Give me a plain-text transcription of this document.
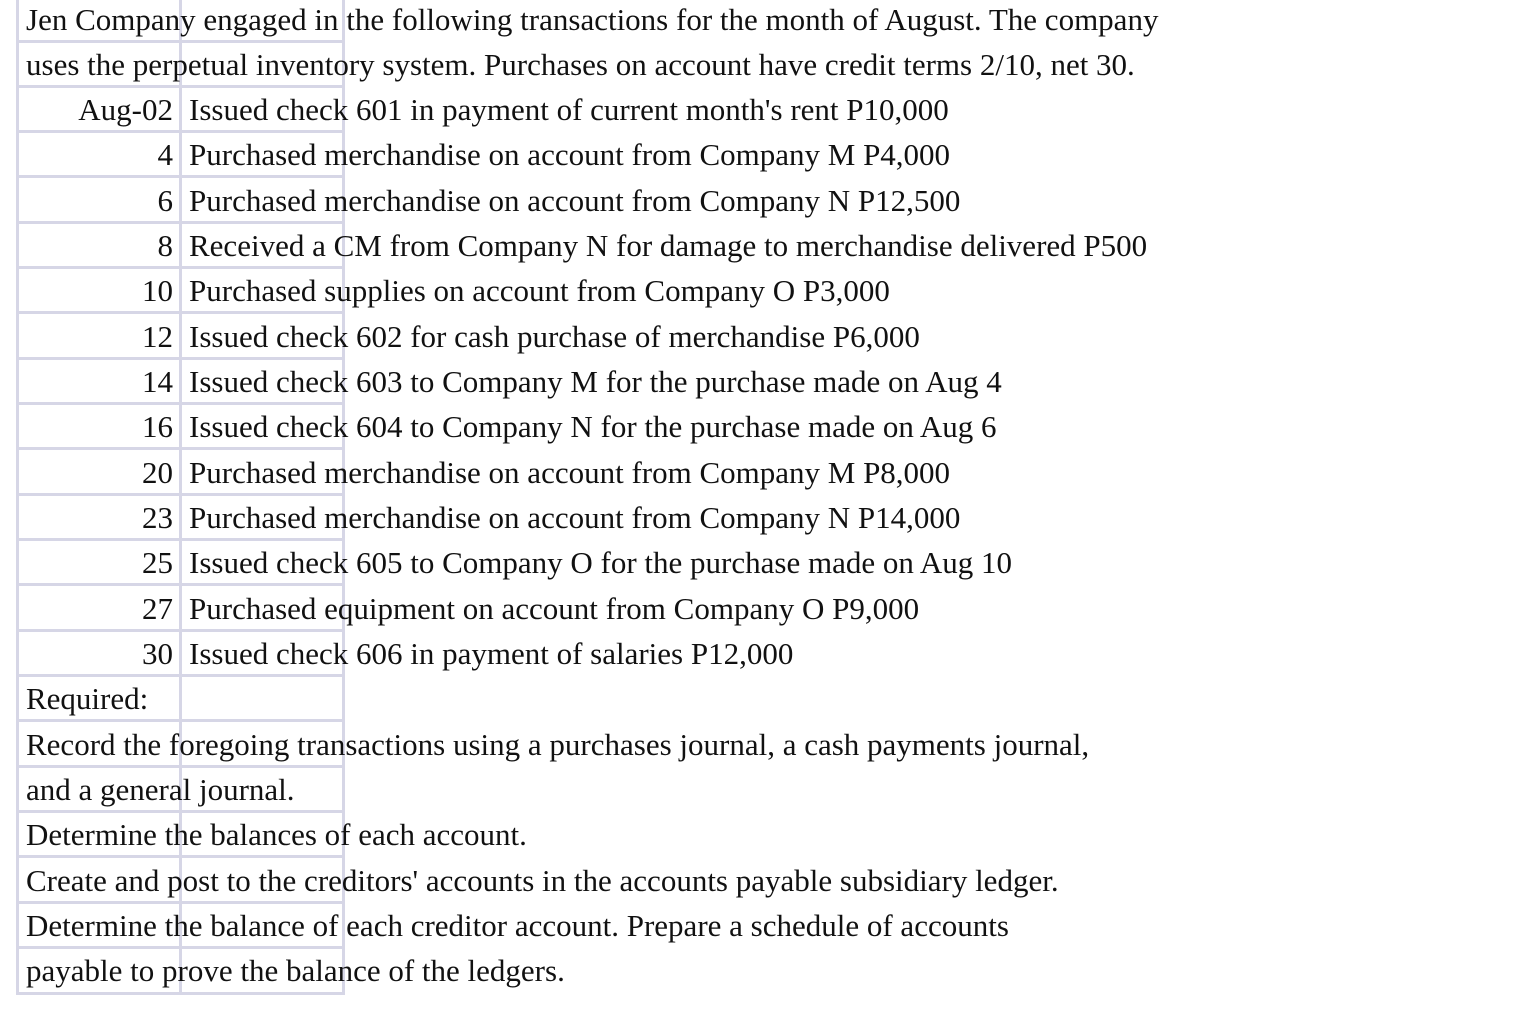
Jen Company engaged in the following transactions for the month of August. The company
uses the perpetual inventory system. Purchases on account have credit terms 2/10, net 30.
Aug-02 Issued check 601 in payment of current month's rent P10,000
4 Purchased merchandise on account from Company M P4,000
6 Purchased merchandise on account from Company N P12,500
8 Received a CM from Company N for damage to merchandise delivered P500
10 Purchased supplies on account from Company O P3,000
12 Issued check 602 for cash purchase of merchandise P6,000
14 Issued check 603 to Company M for the purchase made on Aug 4
16 Issued check 604 to Company N for the purchase made on Aug 6
20 Purchased merchandise on account from Company M P8,000
23 Purchased merchandise on account from Company N P14,000
25 Issued check 605 to Company O for the purchase made on Aug 10
27 Purchased equipment on account from Company O P9,000
30 Issued check 606 in payment of salaries P12,000
Required:
Record the foregoing transactions using a purchases journal, a cash payments journal,
and a general journal.
Determine the balances of each account.
Create and post to the creditors' accounts in the accounts payable subsidiary ledger.
Determine the balance of each creditor account. Prepare a schedule of accounts
payable to prove the balance of the ledgers.
